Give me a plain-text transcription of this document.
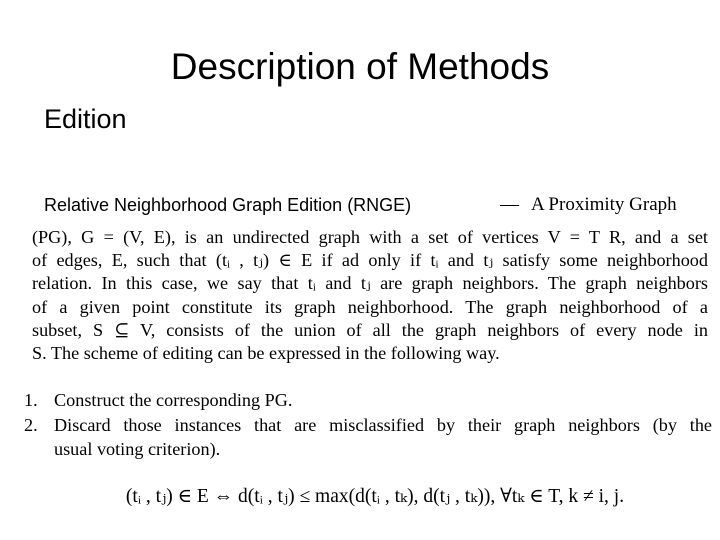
Description of Methods
Edition
Relative Neighborhood Graph Edition (RNGE)	— A Proximity Graph
(PG), G = (V, E), is an undirected graph with a set of vertices V = T R, and a set
of edges, E, such that (tᵢ , tⱼ) ∈ E if ad only if tᵢ and tⱼ satisfy some neighborhood
relation. In this case, we say that tᵢ and tⱼ are graph neighbors. The graph neighbors
of a given point constitute its graph neighborhood. The graph neighborhood of a
subset, S ⊆ V, consists of the union of all the graph neighbors of every node in
S. The scheme of editing can be expressed in the following way.
1. Construct the corresponding PG.
2. Discard those instances that are misclassified by their graph neighbors (by the
usual voting criterion).
(tᵢ , tⱼ) ∈ E ⇔ d(tᵢ , tⱼ) ≤ max(d(tᵢ , tₖ), d(tⱼ , tₖ)), ∀tₖ ∈ T, k ≠ i, j.
